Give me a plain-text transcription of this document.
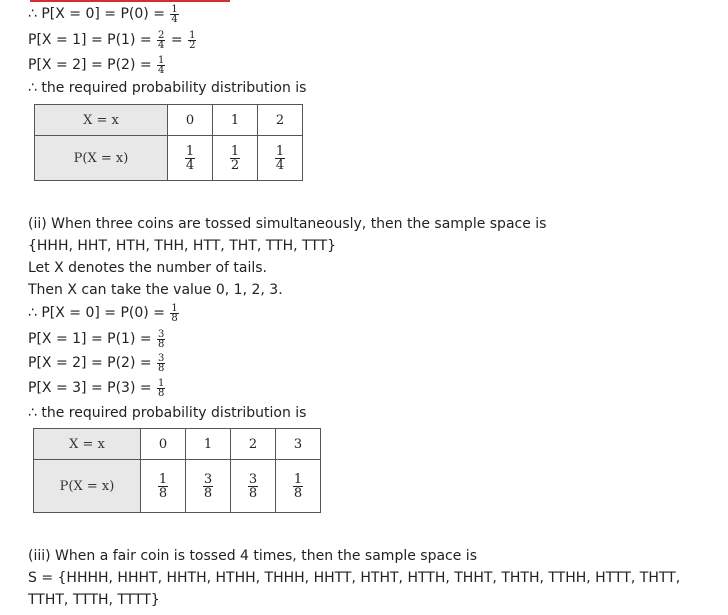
∴ $P[X = 0] = P(0) = \frac{1}{4}$
$P[X = 1] = P(1) = \frac{2}{4} = \frac{1}{2}$
$P[X = 2] = P(2) = \frac{1}{4}$
∴ the required probability distribution is
X = x	0	1	2
P(X = x)	$\frac{1}{4}$	$\frac{1}{2}$	$\frac{1}{4}$
(ii) When three coins are tossed simultaneously, then the sample space is
{HHH, HHT, HTH, THH, HTT, THT, TTH, TTT}
Let X denotes the number of tails.
Then X can take the value 0, 1, 2, 3.
∴ $P[X = 0] = P(0) = \frac{1}{8}$
$P[X = 1] = P(1) = \frac{3}{8}$
$P[X = 2] = P(2) = \frac{3}{8}$
$P[X = 3] = P(3) = \frac{1}{8}$
∴ the required probability distribution is
X = x	0	1	2	3
P(X = x)	$\frac{1}{8}$	$\frac{3}{8}$	$\frac{3}{8}$	$\frac{1}{8}$
(iii) When a fair coin is tossed 4 times, then the sample space is
S = {HHHH, HHHT, HHTH, HTHH, THHH, HHTT, HTHT, HTTH, THHT, THTH, TTHH, HTTT, THTT,
TTHT, TTTH, TTTT}
